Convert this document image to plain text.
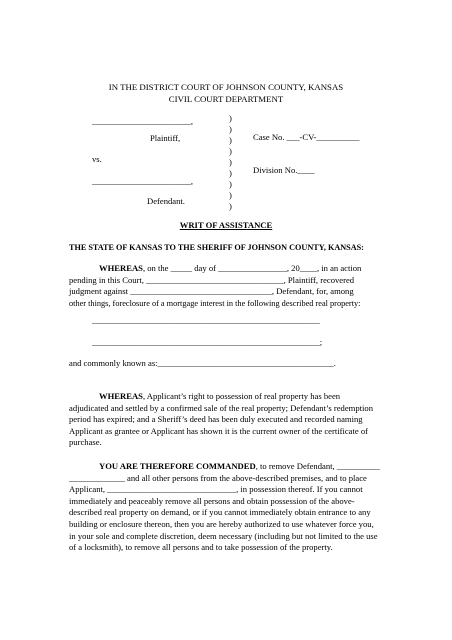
IN THE DISTRICT COURT OF JOHNSON COUNTY, KANSAS
CIVIL COURT DEPARTMENT
_______________________,
Plaintiff,
vs.
_______________________,
Defendant.
)
)
)
)
)
)
)
)
)
Case No. ___-CV-__________
Division No.____
WRIT OF ASSISTANCE
THE STATE OF KANSAS TO THE SHERIFF OF JOHNSON COUNTY, KANSAS:

WHEREAS, on the _____ day of ________________, 20____, in an action

pending in this Court, ________________________________, Plaintiff, recovered

judgment against _________________________________, Defendant, for, among

other things, foreclosure of a mortgage interest in the following described real property:

_____________________________________________________
_____________________________________________________;
and commonly known as:_________________________________________.

WHEREAS, Applicant’s right to possession of real property has been

adjudicated and settled by a confirmed sale of the real property; Defendant’s redemption

period has expired; and a Sheriff’s deed has been duly executed and recorded naming

Applicant as grantee or Applicant has shown it is the current owner of the certificate of

purchase.

YOU ARE THEREFORE COMMANDED, to remove Defendant, __________

_____________ and all other persons from the above-described premises, and to place

Applicant, ______________________________, in possession thereof. If you cannot

immediately and peaceably remove all persons and obtain possession of the above-

described real property on demand, or if you cannot immediately obtain entrance to any

building or enclosure thereon, then you are hereby authorized to use whatever force you,

in your sole and complete discretion, deem necessary (including but not limited to the use

of a locksmith), to remove all persons and to take possession of the property.
